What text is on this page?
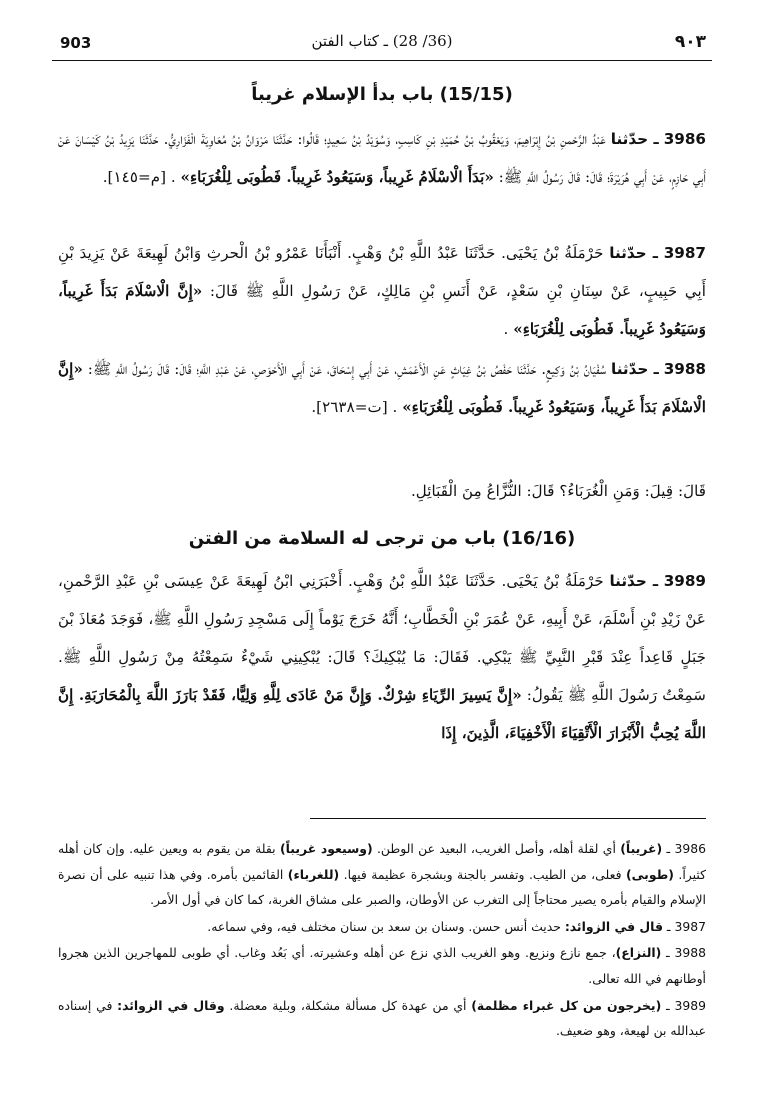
903	(36/ 28) ـ كتاب الفتن	٩٠٣
(15/15) باب بدأ الإسلام غريباً
3986 ـ حدّثنا عَبْدُ الرَّحْمنِ بْنُ إِبْرَاهِيمَ، وَيَعْقُوبُ بْنُ حُمَيْدِ بْنِ كَاسِبٍ، وَسُوَيْدُ بْنُ سَعِيدٍ؛ قَالُوا: حَدَّثَنَا مَرْوَانُ بْنُ مُعَاوِيَةَ الْفَزَارِيُّ. حَدَّثَنَا يَزِيدُ بْنُ كَيْسَانَ عَنْ أَبِي حَازِمٍ، عَنْ أَبِي هُرَيْرَةَ؛ قَالَ: قَالَ رَسُولُ اللَّهِ ﷺ: «بَدَأَ الْاسْلَامُ غَرِيباً، وَسَيَعُودُ غَرِيباً. فَطُوبَى لِلْغُرَبَاءِ» . [م=١٤٥].
3987 ـ حدّثنا حَرْمَلَةُ بْنُ يَحْيَى. حَدَّثَنَا عَبْدُ اللَّهِ بْنُ وَهْبٍ. أَنْبَأَنَا عَمْرُو بْنُ الْحرثِ وَابْنُ لَهِيعَةَ عَنْ يَزِيدَ بْنِ أَبِي حَبِيبٍ، عَنْ سِنَانِ بْنِ سَعْدٍ، عَنْ أَنَسِ بْنِ مَالِكٍ، عَنْ رَسُولِ اللَّهِ ﷺ قَالَ: «إِنَّ الْاسْلَامَ بَدَأَ غَرِيباً، وَسَيَعُودُ غَرِيباً. فَطُوبَى لِلْغُرَبَاءِ» .
3988 ـ حدّثنا سُفْيَانُ بْنُ وَكِيعٍ. حَدَّثَنَا حَفْصُ بْنُ غِيَاثٍ عَنِ الْأَعْمَشِ، عَنْ أَبِي إِسْحَاقَ، عَنْ أَبِي الْأَحْوَصِ، عَنْ عَبْدِ اللَّهِ؛ قَالَ: قَالَ رَسُولُ اللَّهِ ﷺ: «إِنَّ الْاسْلَامَ بَدَأَ غَرِيباً، وَسَيَعُودُ غَرِيباً. فَطُوبَى لِلْغُرَبَاءِ» . [ت=٢٦٣٨].
قَالَ: قِيلَ: وَمَنِ الْغُرَبَاءُ؟ قَالَ: النُّزَّاعُ مِنَ الْقَبَائِلِ.
(16/16) باب من ترجى له السلامة من الفتن
3989 ـ حدّثنا حَرْمَلَةُ بْنُ يَحْيَى. حَدَّثَنَا عَبْدُ اللَّهِ بْنُ وَهْبٍ. أَخْبَرَنِي ابْنُ لَهِيعَةَ عَنْ عِيسَى بْنِ عَبْدِ الرَّحْمنِ، عَنْ زَيْدِ بْنِ أَسْلَمَ، عَنْ أَبِيهِ، عَنْ عُمَرَ بْنِ الْخَطَّابِ؛ أَنَّهُ خَرَجَ يَوْماً إِلَى مَسْجِدِ رَسُولِ اللَّهِ ﷺ، فَوَجَدَ مُعَاذَ بْنَ جَبَلٍ قَاعِداً عِنْدَ قَبْرِ النَّبِيِّ ﷺ يَبْكِي. فَقَالَ: مَا يُبْكِيكَ؟ قَالَ: يُبْكِينِي شَيْءٌ سَمِعْتُهُ مِنْ رَسُولِ اللَّهِ ﷺ. سَمِعْتُ رَسُولَ اللَّهِ ﷺ يَقُولُ: «إِنَّ يَسِيرَ الرِّيَاءِ شِرْكٌ. وَإِنَّ مَنْ عَادَى لِلَّهِ وَلِيًّا، فَقَدْ بَارَزَ اللَّهَ بِالْمُحَارَبَةِ. إِنَّ اللَّهَ يُحِبُّ الْأَبْرَارَ الْأَتْقِيَاءَ الْأَخْفِيَاءَ، الَّذِينَ، إِذَا
3986 ـ (غريباً) أي لقلة أهله، وأصل الغريب، البعيد عن الوطن. (وسيعود غريباً) بقلة من يقوم به ويعين عليه. وإن كان أهله كثيراً. (طوبى) فعلى، من الطيب. وتفسر بالجنة وبشجرة عظيمة فيها. (للغرباء) القائمين بأمره. وفي هذا تنبيه على أن نصرة الإسلام والقيام بأمره يصير محتاجاً إلى التغرب عن الأوطان، والصبر على مشاق الغربة، كما كان في أول الأمر.
3987 ـ قال في الزوائد: حديث أنس حسن. وسنان بن سعد بن سنان مختلف فيه، وفي سماعه.
3988 ـ (النزاع)، جمع نازع ونزيع. وهو الغريب الذي نزع عن أهله وعشيرته. أي بَعُد وغاب. أي طوبى للمهاجرين الذين هجروا أوطانهم في الله تعالى.
3989 ـ (يخرجون من كل غبراء مظلمة) أي من عهدة كل مسألة مشكلة، وبلية معضلة. وقال في الزوائد: في إسناده عبدالله بن لهيعة، وهو ضعيف.
